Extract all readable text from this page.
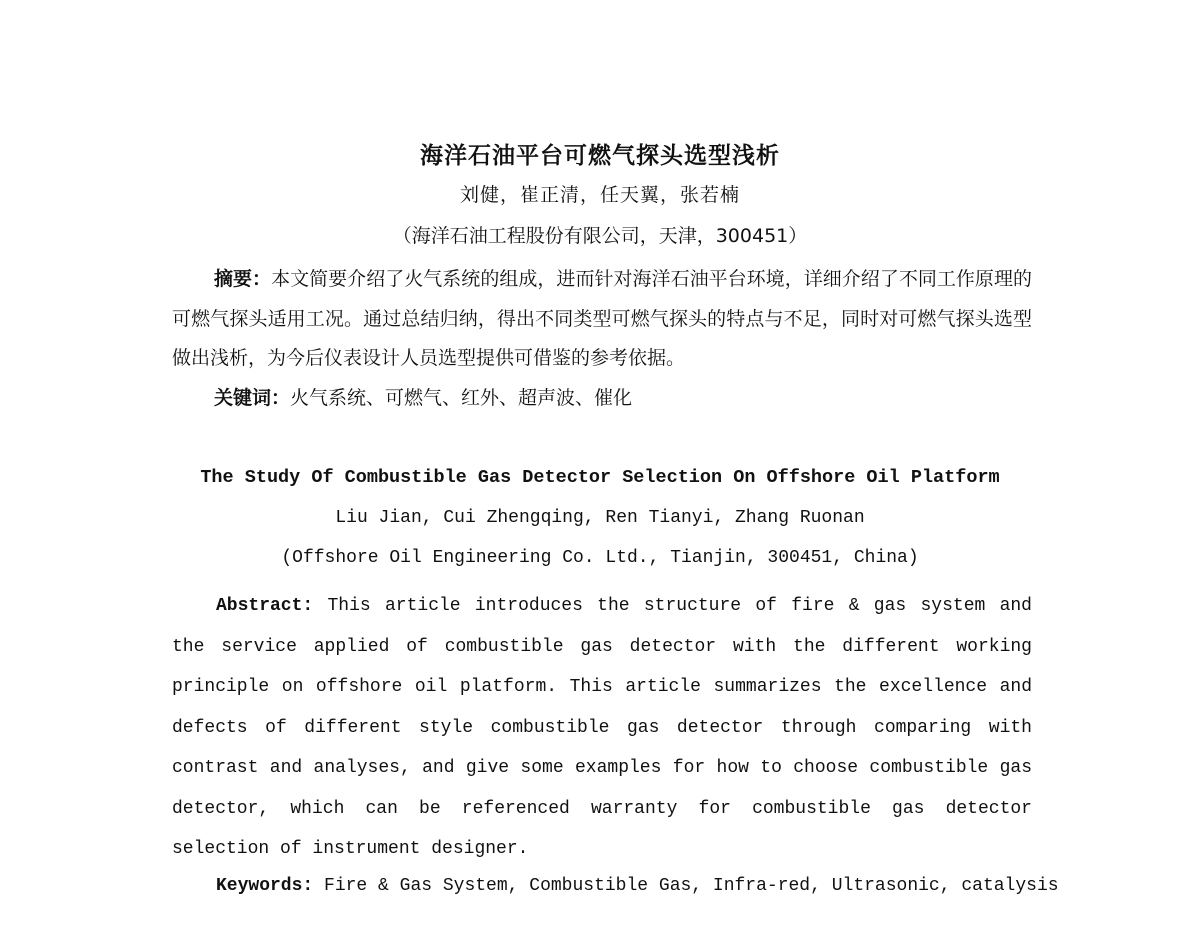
海洋石油平台可燃气探头选型浅析
刘健，崔正清，任天翼，张若楠
（海洋石油工程股份有限公司，天津，300451）
摘要：本文简要介绍了火气系统的组成，进而针对海洋石油平台环境，详细介绍了不同工作原理的可燃气探头适用工况。通过总结归纳，得出不同类型可燃气探头的特点与不足，同时对可燃气探头选型做出浅析，为今后仪表设计人员选型提供可借鉴的参考依据。
关键词：火气系统、可燃气、红外、超声波、催化
The Study Of Combustible Gas Detector Selection On Offshore Oil Platform
Liu Jian, Cui Zhengqing, Ren Tianyi, Zhang Ruonan
(Offshore Oil Engineering Co. Ltd., Tianjin, 300451, China)
Abstract: This article introduces the structure of fire & gas system and the service applied of combustible gas detector with the different working principle on offshore oil platform. This article summarizes the excellence and defects of different style combustible gas detector through comparing with contrast and analyses, and give some examples for how to choose combustible gas detector, which can be referenced warranty for combustible gas detector selection of instrument designer.
Keywords: Fire & Gas System, Combustible Gas, Infra-red, Ultrasonic, catalysis
